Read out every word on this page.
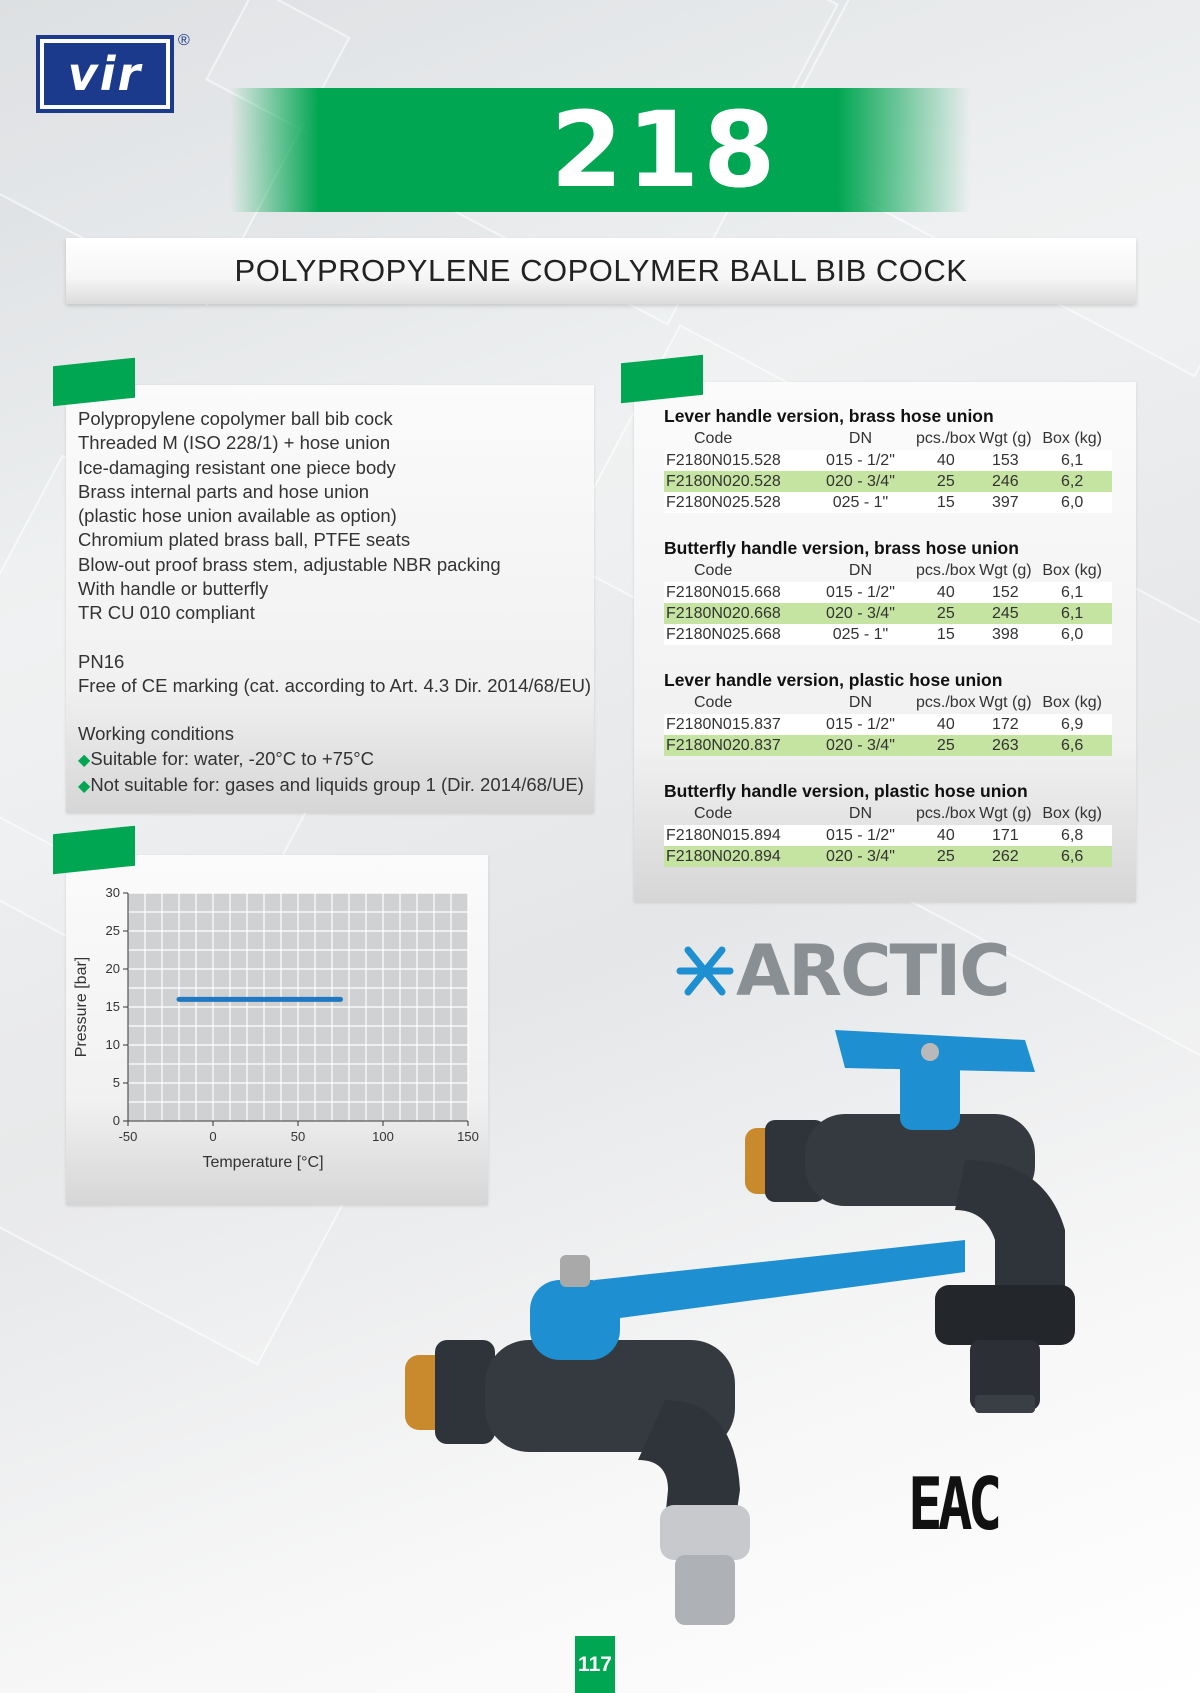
vir
®
218
POLYPROPYLENE COPOLYMER BALL BIB COCK
Polypropylene copolymer ball bib cock
Threaded M (ISO 228/1) + hose union
Ice-damaging resistant one piece body
Brass internal parts and hose union
(plastic hose union available as option)
Chromium plated brass ball, PTFE seats
Blow-out proof brass stem, adjustable NBR packing
With handle or butterfly
TR CU 010 compliant
PN16
Free of CE marking (cat. according to Art. 4.3 Dir. 2014/68/EU)
Working conditions
◆Suitable for: water, -20°C to +75°C
◆Not suitable for: gases and liquids group 1 (Dir. 2014/68/UE)
Lever handle version, brass hose union
Code	DN	pcs./box	Wgt (g)	Box (kg)
F2180N015.528	015 - 1/2"	40	153	6,1
F2180N020.528	020 - 3/4"	25	246	6,2
F2180N025.528	025 - 1"	15	397	6,0
Butterfly handle version, brass hose union
Code	DN	pcs./box	Wgt (g)	Box (kg)
F2180N015.668	015 - 1/2"	40	152	6,1
F2180N020.668	020 - 3/4"	25	245	6,1
F2180N025.668	025 - 1"	15	398	6,0
Lever handle version, plastic hose union
Code	DN	pcs./box	Wgt (g)	Box (kg)
F2180N015.837	015 - 1/2"	40	172	6,9
F2180N020.837	020 - 3/4"	25	263	6,6
Butterfly handle version, plastic hose union
Code	DN	pcs./box	Wgt (g)	Box (kg)
F2180N015.894	015 - 1/2"	40	171	6,8
F2180N020.894	020 - 3/4"	25	262	6,6
-50	0	50	100	150
0
5
10
15
20
25
30
Temperature [°C]
Pressure [bar]	ARCTIC
EAC
117
